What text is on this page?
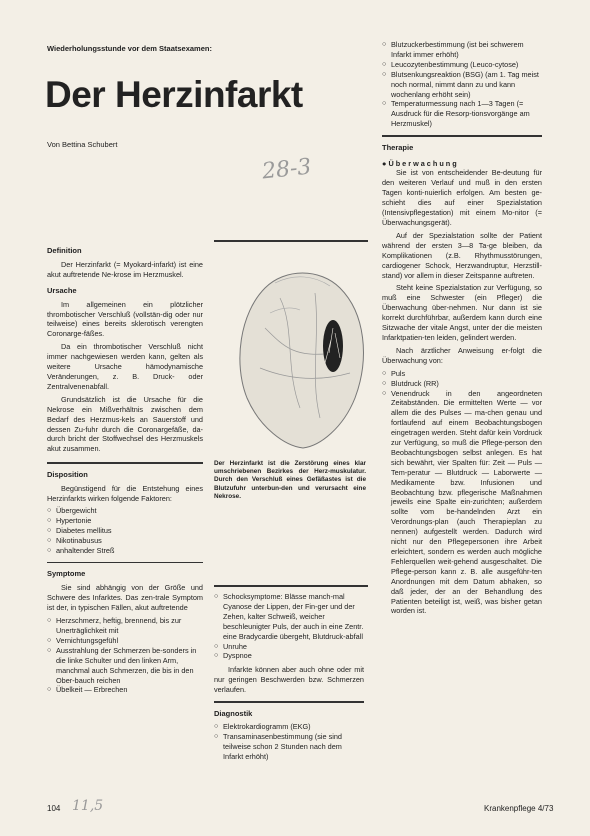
Wiederholungsstunde vor dem Staatsexamen:
Der Herzinfarkt
Von Bettina Schubert
28-3
Definition

Der Herzinfarkt (= Myokard-infarkt) ist eine akut auftretende Ne-krose im Herzmuskel.

Ursache

Im allgemeinen ein plötzlicher thrombotischer Verschluß (vollstän-dig oder nur teilweise) eines bereits sklerotisch verengten Coronarge-fäßes.

Da ein thrombotischer Verschluß nicht immer nachgewiesen werden kann, gelten als weitere Ursache hämodynamische Veränderungen, z. B. Druck- oder Zentralvenenabfall.

Grundsätzlich ist die Ursache für die Nekrose ein Mißverhältnis zwischen dem Bedarf des Herzmus-kels an Sauerstoff und dessen Zu-fuhr durch die Coronargefäße, da-durch bricht der Stoffwechsel des Herzmuskels akut zusammen.

Disposition

Begünstigend für die Entstehung eines Herzinfarkts wirken folgende Faktoren:

○ Übergewicht
○ Hypertonie
○ Diabetes mellitus
○ Nikotinabusus
○ anhaltender Streß
Symptome

Sie sind abhängig von der Größe und Schwere des Infarktes. Das zen-trale Symptom ist der, in typischen Fällen, akut auftretende

○ Herzschmerz, heftig, brennend, bis zur Unerträglichkeit mit
○ Vernichtungsgefühl
○ Ausstrahlung der Schmerzen be-sonders in die linke Schulter und den linken Arm, manchmal auch Schmerzen, die bis in den Ober-bauch reichen
○ Übelkeit — Erbrechen
Der Herzinfarkt ist die Zerstörung eines klar umschriebenen Bezirkes der Herz-muskulatur. Durch den Verschluß eines Gefäßastes ist die Blutzufuhr unterbun-den und verursacht eine Nekrose.
○ Schocksymptome: Blässe manch-mal Cyanose der Lippen, der Fin-ger und der Zehen, kalter Schweiß, weicher beschleunigter Puls, der auch in eine Zentr. eine Bradycardie übergeht, Blutdruck-abfall
○ Unruhe
○ Dyspnoe

Infarkte können aber auch ohne oder mit nur geringen Beschwerden bzw. Schmerzen verlaufen.

Diagnostik
○ Elektrokardiogramm (EKG)
○ Transaminasenbestimmung (sie sind teilweise schon 2 Stunden nach dem Infarkt erhöht)
○ Blutzuckerbestimmung (ist bei schwerem Infarkt immer erhöht)
○ Leucozytenbestimmung (Leuco-cytose)
○ Blutsenkungsreaktion (BSG) (am 1. Tag meist noch normal, nimmt dann zu und kann wochenlang erhöht sein)
○ Temperaturmessung nach 1—3 Tagen (= Ausdruck für die Resorp-tionsvorgänge am Herzmuskel)
Therapie
● Überwachung

Sie ist von entscheidender Be-deutung für den weiteren Verlauf und muß in den ersten Tagen konti-nuierlich erfolgen. Am besten ge-schieht dies auf einer Spezialstation (Intensivpflegestation) mit einem Mo-nitor (= Überwachungsgerät).

Auf der Spezialstation sollte der Patient während der ersten 3—8 Ta-ge bleiben, da Komplikationen (z.B. Rhythmusstörungen, cardiogener Schock, Herzwandruptur, Herzstill-stand) vor allem in dieser Zeitspanne auftreten.

Steht keine Spezialstation zur Verfügung, so muß eine Schwester (ein Pfleger) die Überwachung über-nehmen. Nur dann ist sie korrekt durchführbar, außerdem kann durch eine Sitzwache der vitale Angst, unter der die meisten Infarktpatien-ten leiden, gelindert werden.

Nach ärztlicher Anweisung er-folgt die Überwachung von:

○ Puls
○ Blutdruck (RR)
○ Venendruck in den angeordneten Zeitabständen. Die ermittelten Werte — vor allem die des Pulses — ma-chen genau und fortlaufend auf einem Beobachtungsbogen eingetragen werden. Steht dafür kein Vordruck zur Verfügung, so muß die Pflege-person den Beobachtungsbogen selbst anlegen. Es hat sich bewährt, vier Spalten für: Zeit — Puls —Tem-peratur — Blutdruck — Laborwerte —Medikamente bzw. Infusionen und Beobachtung bzw. pflegerische Maßnahmen jeweils eine Spalte ein-zurichten; außerdem sollte vom be-handelnden Arzt ein Verordnungs-plan (auch Therapieplan zu nennen) aufgestellt werden. Dadurch wird nicht nur den Pflegepersonen ihre Arbeit erleichtert, sondern es werden auch mögliche Fehlerquellen weit-gehend ausgeschaltet. Die Pflege-person kann z. B. alle ausgeführ-ten Anordnungen mit dem Datum abhaken, so daß jeder, der an der Behandlung des Patienten beteiligt ist, weiß, was bisher getan worden ist.
104 11,5	Krankenpflege 4/73
